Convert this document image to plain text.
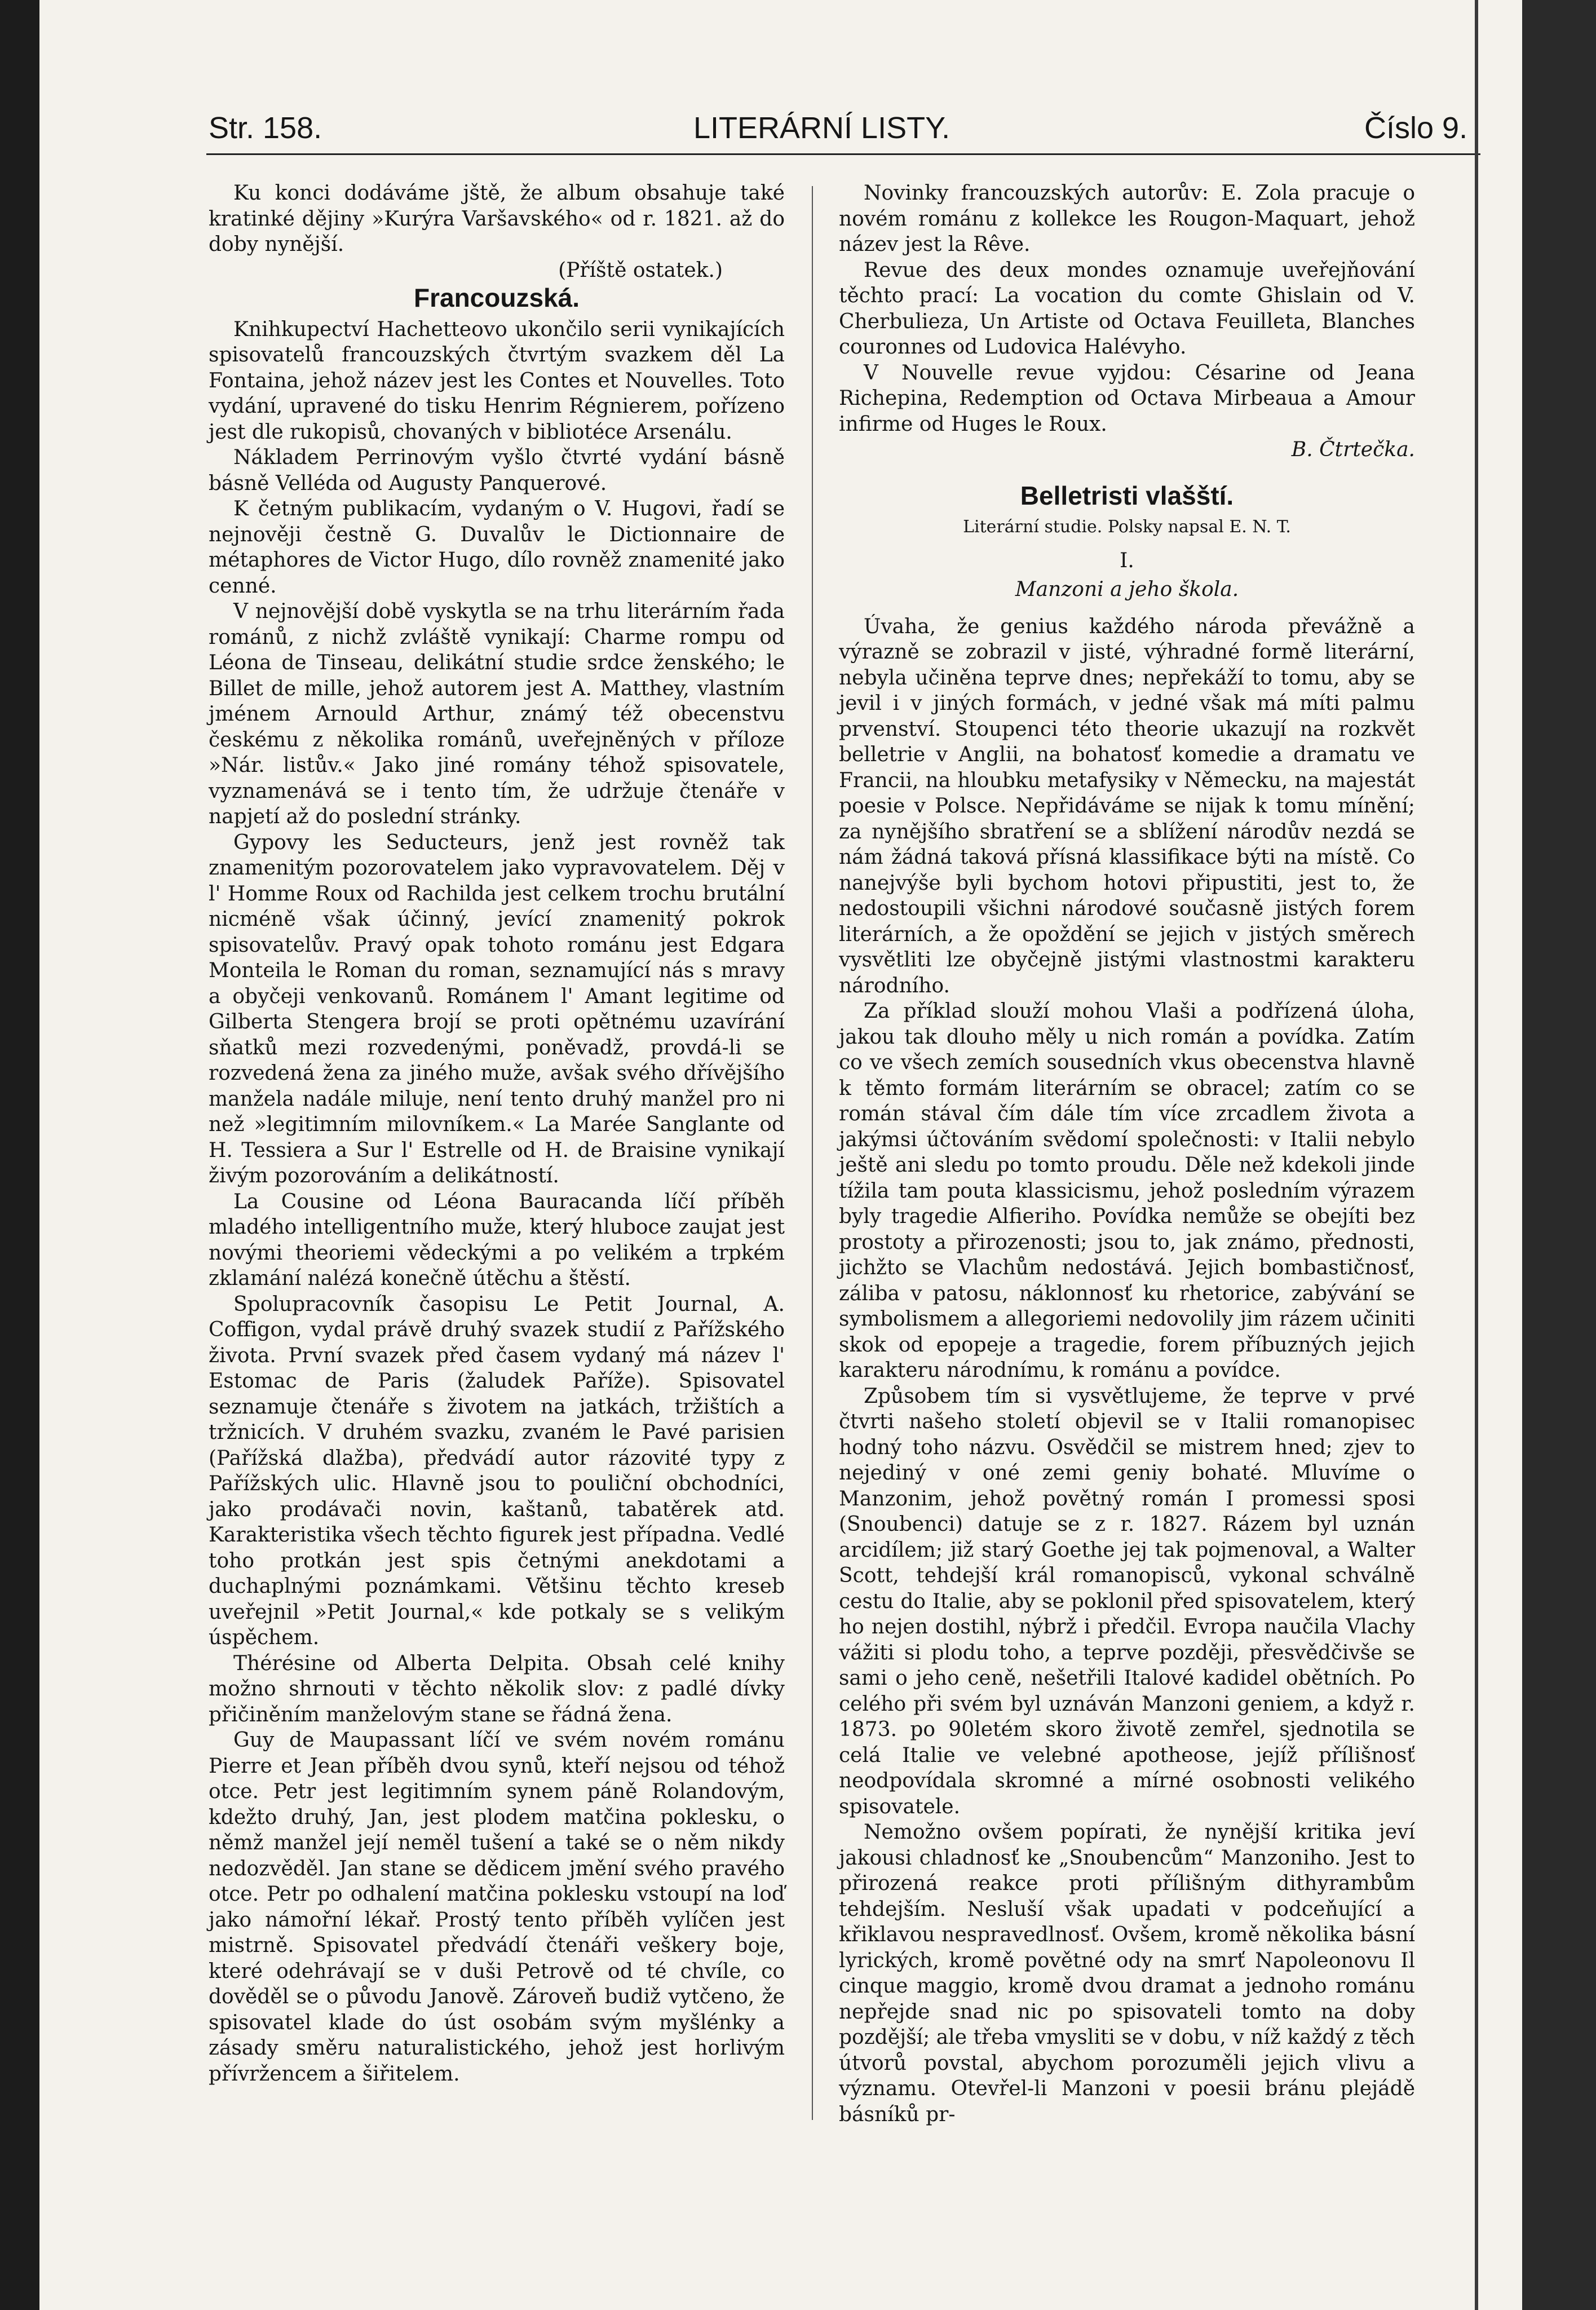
Str. 158.	LITERÁRNÍ LISTY.	Číslo 9.

Ku konci dodáváme jště, že album obsahuje také kratinké dějiny »Kurýra Varšavského« od r. 1821. až do doby nynější.

(Příště ostatek.)

Francouzská.

Knihkupectví Hachetteovo ukončilo serii vynikajících spisovatelů francouzských čtvrtým svazkem děl La Fontaina, jehož název jest les Contes et Nouvelles. Toto vydání, upravené do tisku Henrim Régnierem, pořízeno jest dle rukopisů, chovaných v bibliotéce Arsenálu.

Nákladem Perrinovým vyšlo čtvrté vydání básně básně Velléda od Augusty Panquerové.

K četným publikacím, vydaným o V. Hugovi, řadí se nejnověji čestně G. Duvalův le Dictionnaire de métaphores de Victor Hugo, dílo rovněž znamenité jako cenné.

V nejnovější době vyskytla se na trhu literárním řada románů, z nichž zvláště vynikají: Charme rompu od Léona de Tinseau, delikátní studie srdce ženského; le Billet de mille, jehož autorem jest A. Matthey, vlastním jménem Arnould Arthur, známý též obecenstvu českému z několika románů, uveřejněných v příloze »Nár. listův.« Jako jiné romány téhož spisovatele, vyznamenává se i tento tím, že udržuje čtenáře v napjetí až do poslední stránky.

Gypovy les Seducteurs, jenž jest rovněž tak znamenitým pozorovatelem jako vypravovatelem. Děj v l' Homme Roux od Rachilda jest celkem trochu brutální nicméně však účinný, jevící znamenitý pokrok spisovatelův. Pravý opak tohoto románu jest Edgara Monteila le Roman du roman, seznamující nás s mravy a obyčeji venkovanů. Románem l' Amant legitime od Gilberta Stengera brojí se proti opětnému uzavírání sňatků mezi rozvedenými, poněvadž, provdá-li se rozvedená žena za jiného muže, avšak svého dřívějšího manžela nadále miluje, není tento druhý manžel pro ni než »legitimním milovníkem.« La Marée Sanglante od H. Tessiera a Sur l' Estrelle od H. de Braisine vynikají živým pozorováním a delikátností.

La Cousine od Léona Bauracanda líčí příběh mladého intelligentního muže, který hluboce zaujat jest novými theoriemi vědeckými a po velikém a trpkém zklamání nalézá konečně útěchu a štěstí.

Spolupracovník časopisu Le Petit Journal, A. Coffigon, vydal právě druhý svazek studií z Pařížského života. První svazek před časem vydaný má název l' Estomac de Paris (žaludek Paříže). Spisovatel seznamuje čtenáře s životem na jatkách, tržištích a tržnicích. V druhém svazku, zvaném le Pavé parisien (Pařížská dlažba), předvádí autor rázovité typy z Pařížských ulic. Hlavně jsou to pouliční obchodníci, jako prodávači novin, kaštanů, tabatěrek atd. Karakteristika všech těchto figurek jest případna. Vedlé toho protkán jest spis četnými anekdotami a duchaplnými poznámkami. Většinu těchto kreseb uveřejnil »Petit Journal,« kde potkaly se s velikým úspěchem.

Thérésine od Alberta Delpita. Obsah celé knihy možno shrnouti v těchto několik slov: z padlé dívky přičiněním manželovým stane se řádná žena.

Guy de Maupassant líčí ve svém novém románu Pierre et Jean příběh dvou synů, kteří nejsou od téhož otce. Petr jest legitimním synem páně Rolandovým, kdežto druhý, Jan, jest plodem matčina poklesku, o němž manžel její neměl tušení a také se o něm nikdy nedozvěděl. Jan stane se dědicem jmění svého pravého otce. Petr po odhalení matčina poklesku vstoupí na loď jako námořní lékař. Prostý tento příběh vylíčen jest mistrně. Spisovatel předvádí čtenáři veškery boje, které odehrávají se v duši Petrově od té chvíle, co dověděl se o původu Janově. Zároveň budiž vytčeno, že spisovatel klade do úst osobám svým myšlénky a zásady směru naturalistického, jehož jest horlivým přívržencem a šiřitelem.

Novinky francouzských autorův: E. Zola pracuje o novém románu z kollekce les Rougon-Maquart, jehož název jest la Rêve.

Revue des deux mondes oznamuje uveřejňování těchto prací: La vocation du comte Ghislain od V. Cherbulieza, Un Artiste od Octava Feuilleta, Blanches couronnes od Ludovica Halévyho.

V Nouvelle revue vyjdou: Césarine od Jeana Richepina, Redemption od Octava Mirbeaua a Amour infirme od Huges le Roux.

B. Čtrtečka.

Belletristi vlašští.
Literární studie. Polsky napsal E. N. T.
I.
Manzoni a jeho škola.

Úvaha, že genius každého národa převážně a výrazně se zobrazil v jisté, výhradné formě literární, nebyla učiněna teprve dnes; nepřekáží to tomu, aby se jevil i v jiných formách, v jedné však má míti palmu prvenství. Stoupenci této theorie ukazují na rozkvět belletrie v Anglii, na bohatosť komedie a dramatu ve Francii, na hloubku metafysiky v Německu, na majestát poesie v Polsce. Nepřidáváme se nijak k tomu mínění; za nynějšího sbratření se a sblížení národův nezdá se nám žádná taková přísná klassifikace býti na místě. Co nanejvýše byli bychom hotovi připustiti, jest to, že nedostoupili všichni národové současně jistých forem literárních, a že opoždění se jejich v jistých směrech vysvětliti lze obyčejně jistými vlastnostmi karakteru národního.

Za příklad slouží mohou Vlaši a podřízená úloha, jakou tak dlouho měly u nich román a povídka. Zatím co ve všech zemích sousedních vkus obecenstva hlavně k těmto formám literárním se obracel; zatím co se román stával čím dále tím více zrcadlem života a jakýmsi účtováním svědomí společnosti: v Italii nebylo ještě ani sledu po tomto proudu. Děle než kdekoli jinde tížila tam pouta klassicismu, jehož posledním výrazem byly tragedie Alfieriho. Povídka nemůže se obejíti bez prostoty a přirozenosti; jsou to, jak známo, přednosti, jichžto se Vlachům nedostává. Jejich bombastičnosť, záliba v patosu, náklonnosť ku rhetorice, zabývání se symbolismem a allegoriemi nedovolily jim rázem učiniti skok od epopeje a tragedie, forem příbuzných jejich karakteru národnímu, k románu a povídce.

Způsobem tím si vysvětlujeme, že teprve v prvé čtvrti našeho století objevil se v Italii romanopisec hodný toho názvu. Osvědčil se mistrem hned; zjev to nejediný v oné zemi geniy bohaté. Mluvíme o Manzonim, jehož povětný román I promessi sposi (Snoubenci) datuje se z r. 1827. Rázem byl uznán arcidílem; již starý Goethe jej tak pojmenoval, a Walter Scott, tehdejší král romanopisců, vykonal schválně cestu do Italie, aby se poklonil před spisovatelem, který ho nejen dostihl, nýbrž i předčil. Evropa naučila Vlachy vážiti si plodu toho, a teprve později, přesvědčivše se sami o jeho ceně, nešetřili Italové kadidel obětních. Po celého při svém byl uznáván Manzoni geniem, a když r. 1873. po 90letém skoro životě zemřel, sjednotila se celá Italie ve velebné apotheose, jejíž přílišnosť neodpovídala skromné a mírné osobnosti velikého spisovatele.

Nemožno ovšem popírati, že nynější kritika jeví jakousi chladnosť ke „Snoubencům“ Manzoniho. Jest to přirozená reakce proti přílišným dithyrambům tehdejším. Nesluší však upadati v podceňující a křiklavou nespravedlnosť. Ovšem, kromě několika básní lyrických, kromě povětné ody na smrť Napoleonovu Il cinque maggio, kromě dvou dramat a jednoho románu nepřejde snad nic po spisovateli tomto na doby pozdější; ale třeba vmysliti se v dobu, v níž každý z těch útvorů povstal, abychom porozuměli jejich vlivu a významu. Otevřel-li Manzoni v poesii bránu plejádě básníků pr-
